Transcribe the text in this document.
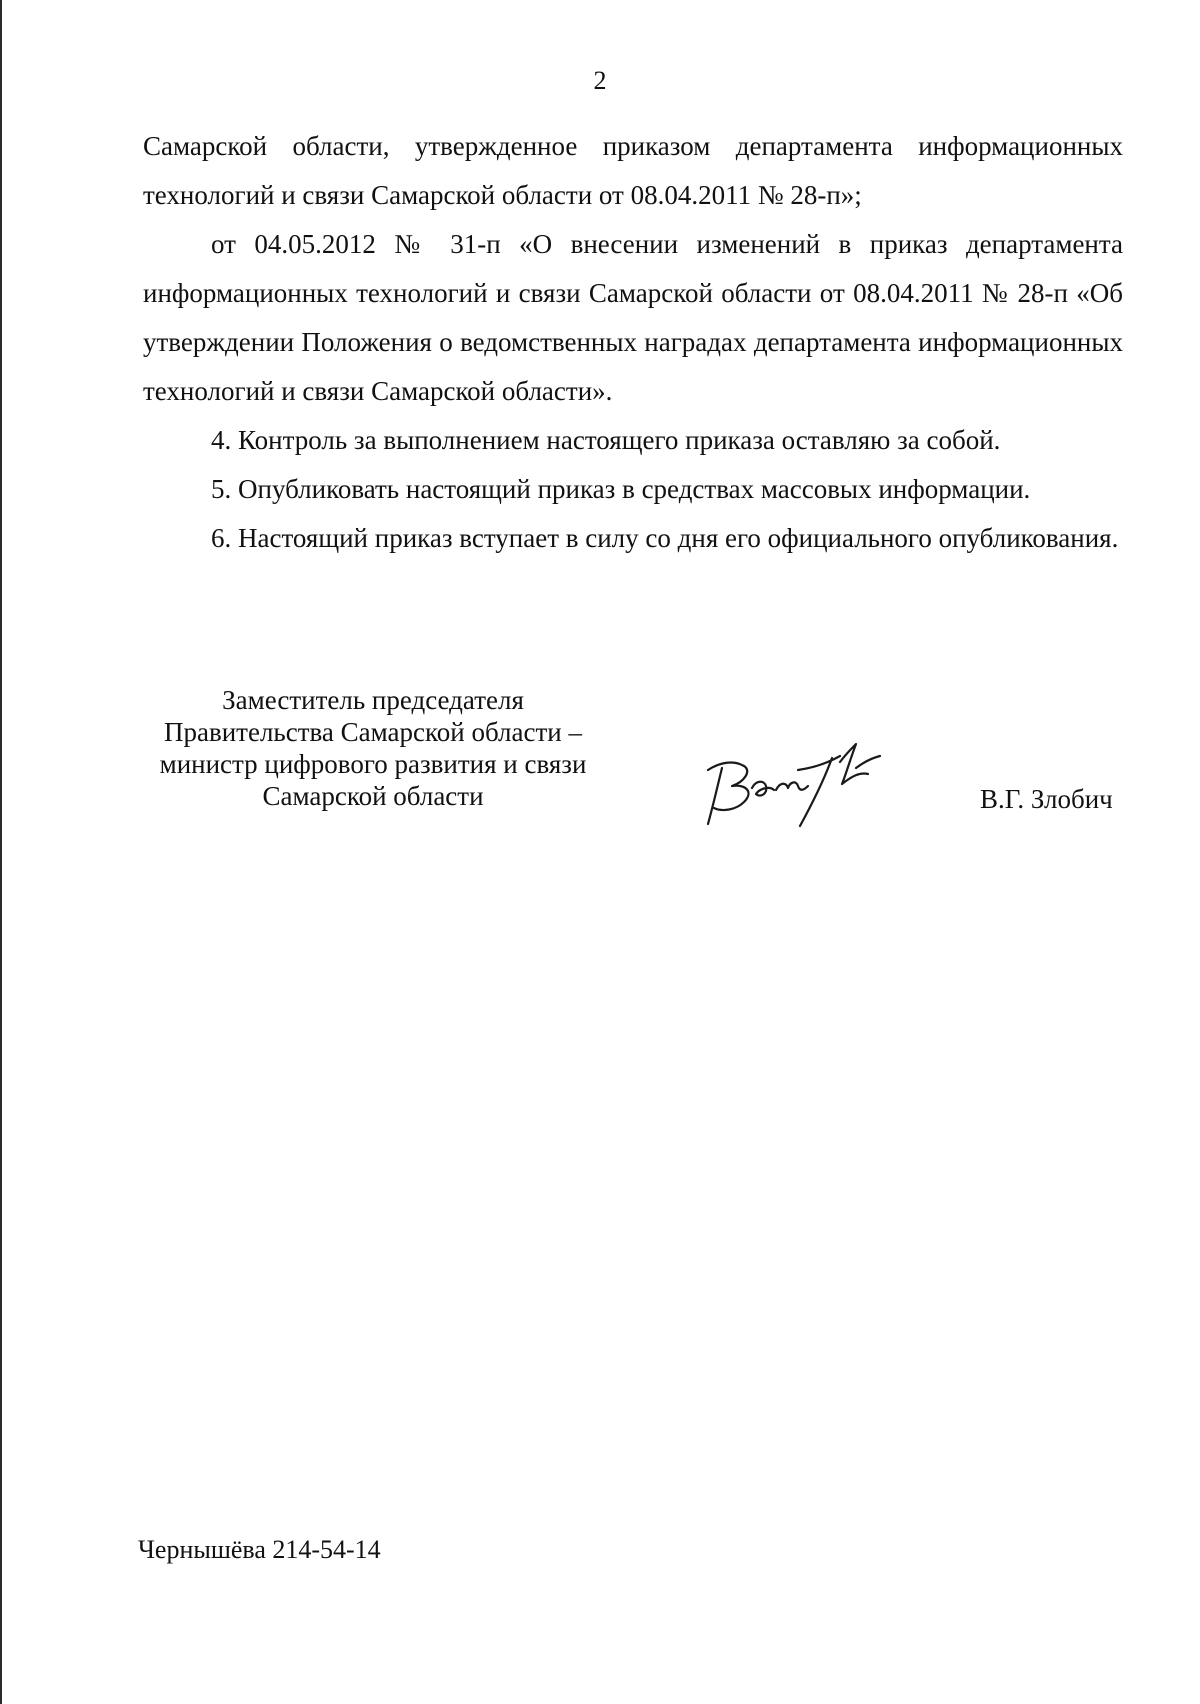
2

Самарской области, утвержденное приказом департамента информационных технологий и связи Самарской области от 08.04.2011 № 28-п»;

от 04.05.2012 № 31-п «О внесении изменений в приказ департамента информационных технологий и связи Самарской области от 08.04.2011 № 28-п «Об утверждении Положения о ведомственных наградах департамента информационных технологий и связи Самарской области».

4. Контроль за выполнением настоящего приказа оставляю за собой.

5. Опубликовать настоящий приказ в средствах массовых информации.

6. Настоящий приказ вступает в силу со дня его официального опубликования.

Заместитель председателя
Правительства Самарской области –
министр цифрового развития и связи
Самарской области	В.Г. Злобич
Чернышёва 214-54-14
